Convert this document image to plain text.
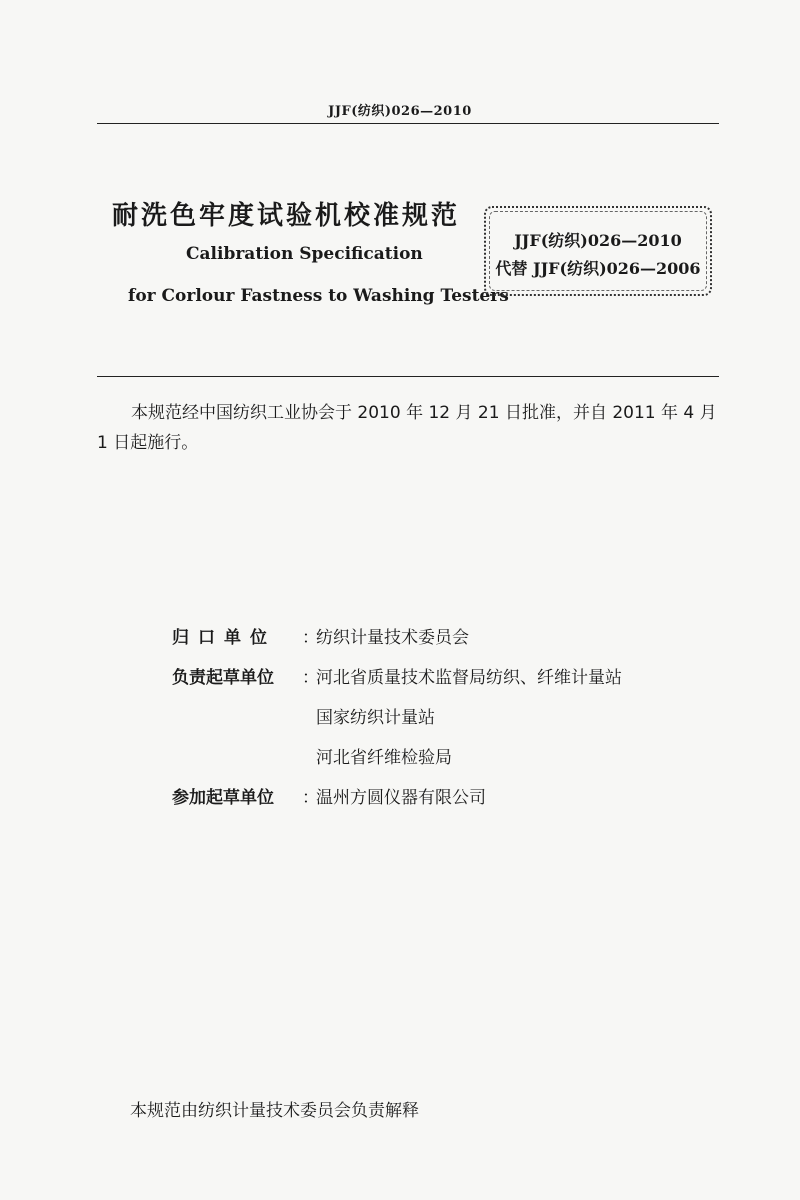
JJF(纺织)026—2010
耐洗色牢度试验机校准规范
Calibration Specification
for Corlour Fastness to Washing Testers
JJF(纺织)026—2010
代替 JJF(纺织)026—2006
本规范经中国纺织工业协会于 2010 年 12 月 21 日批准，并自 2011 年 4 月 1 日起施行。
归口单位	：
纺织计量技术委员会
负责起草单位	：
河北省质量技术监督局纺织、纤维计量站
国家纺织计量站
河北省纤维检验局
参加起草单位	：
温州方圆仪器有限公司
本规范由纺织计量技术委员会负责解释
